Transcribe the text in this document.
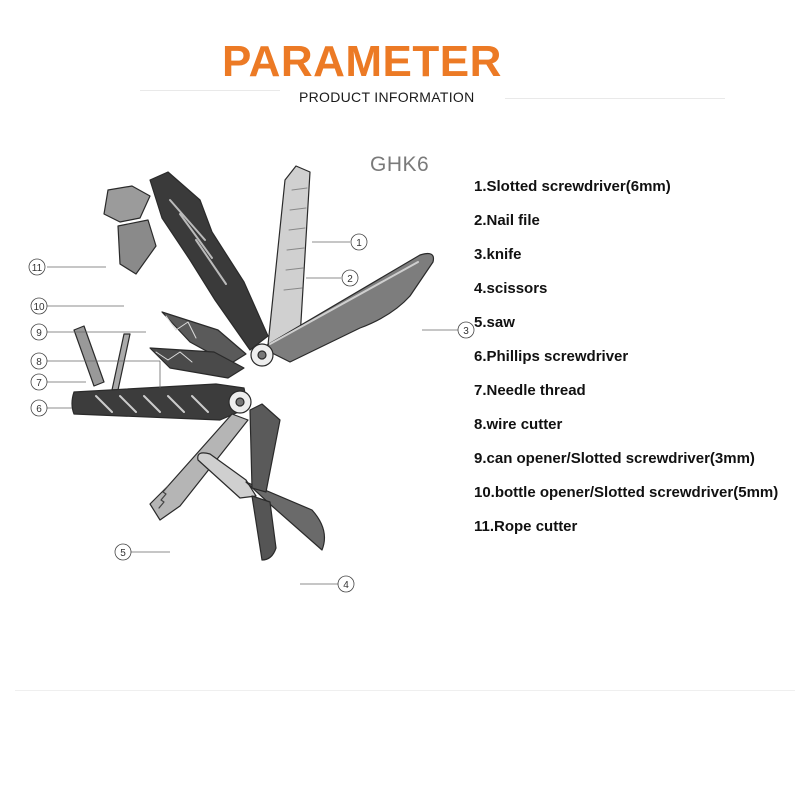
PARAMETER
PRODUCT INFORMATION
GHK6
1
2
3
4
5
6
7
8
9
10
11
1.Slotted screwdriver(6mm)
2.Nail file
3.knife
4.scissors
5.saw
6.Phillips screwdriver
7.Needle thread
8.wire cutter
9.can opener/Slotted screwdriver(3mm)
10.bottle opener/Slotted screwdriver(5mm)
11.Rope cutter
